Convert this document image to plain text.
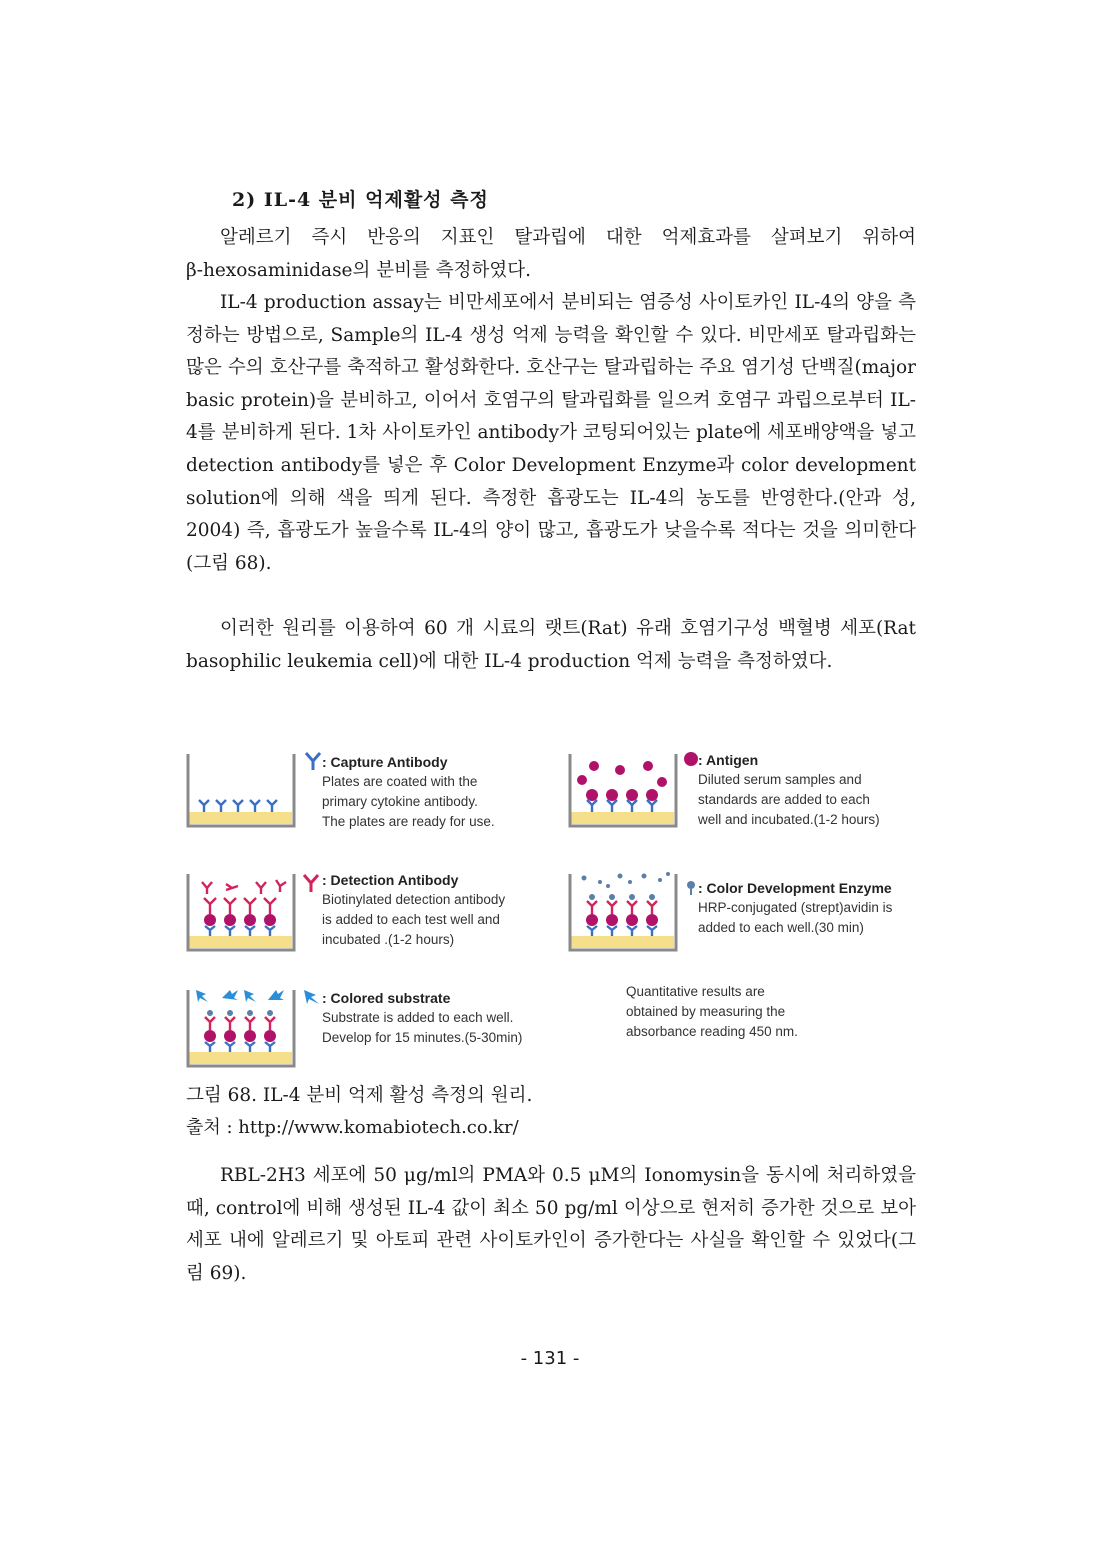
2) IL-4 분비 억제활성 측정

알레르기 즉시 반응의 지표인 탈과립에 대한 억제효과를 살펴보기 위하여

β-hexosaminidase의 분비를 측정하였다.

IL-4 production assay는 비만세포에서 분비되는 염증성 사이토카인 IL-4의 양을 측정하는 방법으로, Sample의 IL-4 생성 억제 능력을 확인할 수 있다. 비만세포 탈과립화는 많은 수의 호산구를 축적하고 활성화한다. 호산구는 탈과립하는 주요 염기성 단백질(major basic protein)을 분비하고, 이어서 호염구의 탈과립화를 일으켜 호염구 과립으로부터 IL-4를 분비하게 된다. 1차 사이토카인 antibody가 코팅되어있는 plate에 세포배양액을 넣고 detection antibody를 넣은 후 Color Development Enzyme과 color development solution에 의해 색을 띄게 된다. 측정한 흡광도는 IL-4의 농도를 반영한다.(안과 성, 2004) 즉, 흡광도가 높을수록 IL-4의 양이 많고, 흡광도가 낮을수록 적다는 것을 의미한다(그림 68).

이러한 원리를 이용하여 60 개 시료의 랫트(Rat) 유래 호염기구성 백혈병 세포(Rat basophilic leukemia cell)에 대한 IL-4 production 억제 능력을 측정하였다.

: Capture Antibody
Plates are coated with the
primary cytokine antibody.
The plates are ready for use.
: Antigen
Diluted serum samples and
standards are added to each
well and incubated.(1-2 hours)
: Detection Antibody
Biotinylated detection antibody
is added to each test well and
incubated .(1-2 hours)
: Color Development Enzyme
HRP-conjugated (strept)avidin is
added to each well.(30 min)
: Colored substrate
Substrate is added to each well.
Develop for 15 minutes.(5-30min)
Quantitative results are
obtained by measuring the
absorbance reading 450 nm.
그림 68. IL-4 분비 억제 활성 측정의 원리.
출처 : http://www.komabiotech.co.kr/

RBL-2H3 세포에 50 μg/ml의 PMA와 0.5 μM의 Ionomysin을 동시에 처리하였을 때, control에 비해 생성된 IL-4 값이 최소 50 pg/ml 이상으로 현저히 증가한 것으로 보아 세포 내에 알레르기 및 아토피 관련 사이토카인이 증가한다는 사실을 확인할 수 있었다(그림 69).

- 131 -
